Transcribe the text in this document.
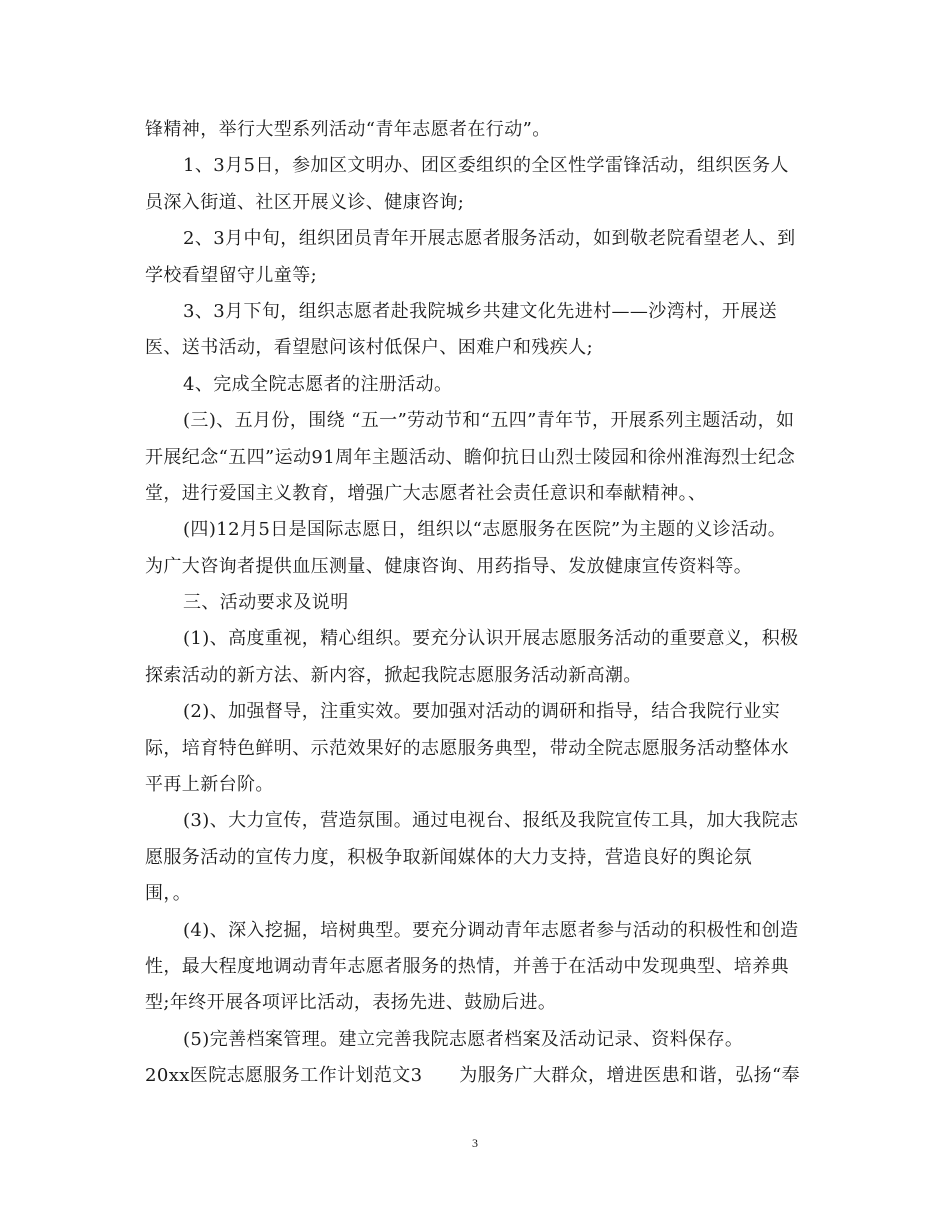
锋精神，举行大型系列活动“青年志愿者在行动”。
1、3月5日，参加区文明办、团区委组织的全区性学雷锋活动，组织医务人
员深入街道、社区开展义诊、健康咨询;
2、3月中旬，组织团员青年开展志愿者服务活动，如到敬老院看望老人、到
学校看望留守儿童等;
3、3月下旬，组织志愿者赴我院城乡共建文化先进村——沙湾村，开展送
医、送书活动，看望慰问该村低保户、困难户和残疾人;
4、完成全院志愿者的注册活动。
(三)、五月份，围绕 “五一”劳动节和“五四”青年节，开展系列主题活动，如
开展纪念“五四”运动91周年主题活动、瞻仰抗日山烈士陵园和徐州淮海烈士纪念
堂，进行爱国主义教育，增强广大志愿者社会责任意识和奉献精神。、
(四)12月5日是国际志愿日，组织以“志愿服务在医院”为主题的义诊活动。
为广大咨询者提供血压测量、健康咨询、用药指导、发放健康宣传资料等。
三、活动要求及说明
(1)、高度重视，精心组织。要充分认识开展志愿服务活动的重要意义，积极
探索活动的新方法、新内容，掀起我院志愿服务活动新高潮。
(2)、加强督导，注重实效。要加强对活动的调研和指导，结合我院行业实
际，培育特色鲜明、示范效果好的志愿服务典型，带动全院志愿服务活动整体水
平再上新台阶。
(3)、大力宣传，营造氛围。通过电视台、报纸及我院宣传工具，加大我院志
愿服务活动的宣传力度，积极争取新闻媒体的大力支持，营造良好的舆论氛
围，。
(4)、深入挖掘，培树典型。要充分调动青年志愿者参与活动的积极性和创造
性，最大程度地调动青年志愿者服务的热情，并善于在活动中发现典型、培养典
型;年终开展各项评比活动，表扬先进、鼓励后进。
(5)完善档案管理。建立完善我院志愿者档案及活动记录、资料保存。
20xx医院志愿服务工作计划范文3　　为服务广大群众，增进医患和谐，弘扬“奉
3
